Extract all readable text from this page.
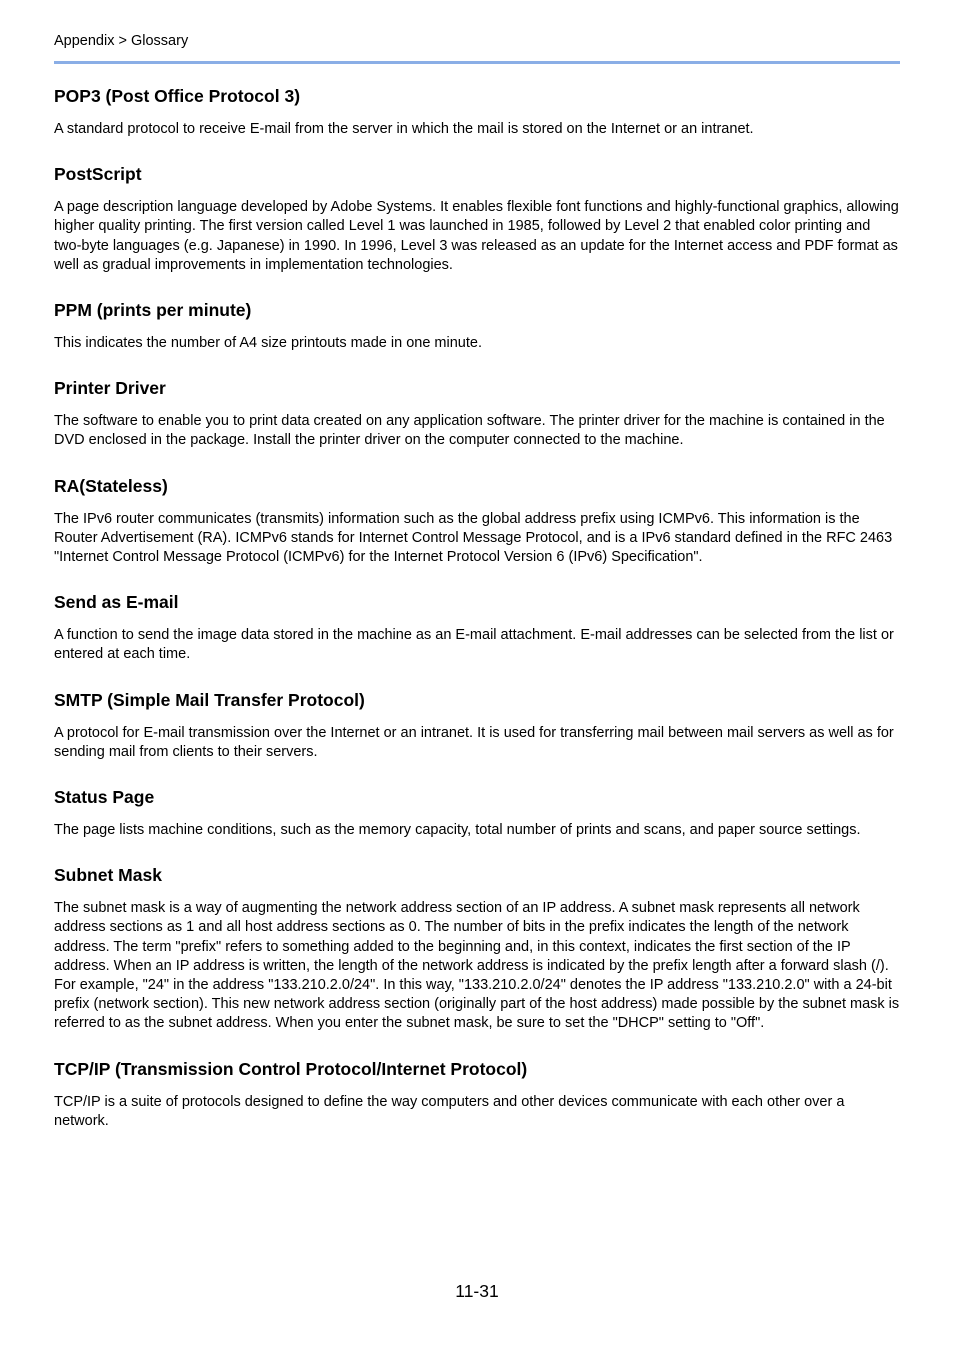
Appendix > Glossary
POP3 (Post Office Protocol 3)

A standard protocol to receive E-mail from the server in which the mail is stored on the Internet or an intranet.

PostScript

A page description language developed by Adobe Systems. It enables flexible font functions and highly-functional graphics, allowing higher quality printing. The first version called Level 1 was launched in 1985, followed by Level 2 that enabled color printing and two-byte languages (e.g. Japanese) in 1990. In 1996, Level 3 was released as an update for the Internet access and PDF format as well as gradual improvements in implementation technologies.

PPM (prints per minute)

This indicates the number of A4 size printouts made in one minute.

Printer Driver

The software to enable you to print data created on any application software. The printer driver for the machine is contained in the DVD enclosed in the package. Install the printer driver on the computer connected to the machine.

RA(Stateless)

The IPv6 router communicates (transmits) information such as the global address prefix using ICMPv6. This information is the Router Advertisement (RA). ICMPv6 stands for Internet Control Message Protocol, and is a IPv6 standard defined in the RFC 2463 "Internet Control Message Protocol (ICMPv6) for the Internet Protocol Version 6 (IPv6) Specification".

Send as E-mail

A function to send the image data stored in the machine as an E-mail attachment. E-mail addresses can be selected from the list or entered at each time.

SMTP (Simple Mail Transfer Protocol)

A protocol for E-mail transmission over the Internet or an intranet. It is used for transferring mail between mail servers as well as for sending mail from clients to their servers.

Status Page

The page lists machine conditions, such as the memory capacity, total number of prints and scans, and paper source settings.

Subnet Mask

The subnet mask is a way of augmenting the network address section of an IP address. A subnet mask represents all network address sections as 1 and all host address sections as 0. The number of bits in the prefix indicates the length of the network address. The term "prefix" refers to something added to the beginning and, in this context, indicates the first section of the IP address. When an IP address is written, the length of the network address is indicated by the prefix length after a forward slash (/). For example, "24" in the address "133.210.2.0/24". In this way, "133.210.2.0/24" denotes the IP address "133.210.2.0" with a 24-bit prefix (network section). This new network address section (originally part of the host address) made possible by the subnet mask is referred to as the subnet address. When you enter the subnet mask, be sure to set the "DHCP" setting to "Off".

TCP/IP (Transmission Control Protocol/Internet Protocol)

TCP/IP is a suite of protocols designed to define the way computers and other devices communicate with each other over a network.

11-31
